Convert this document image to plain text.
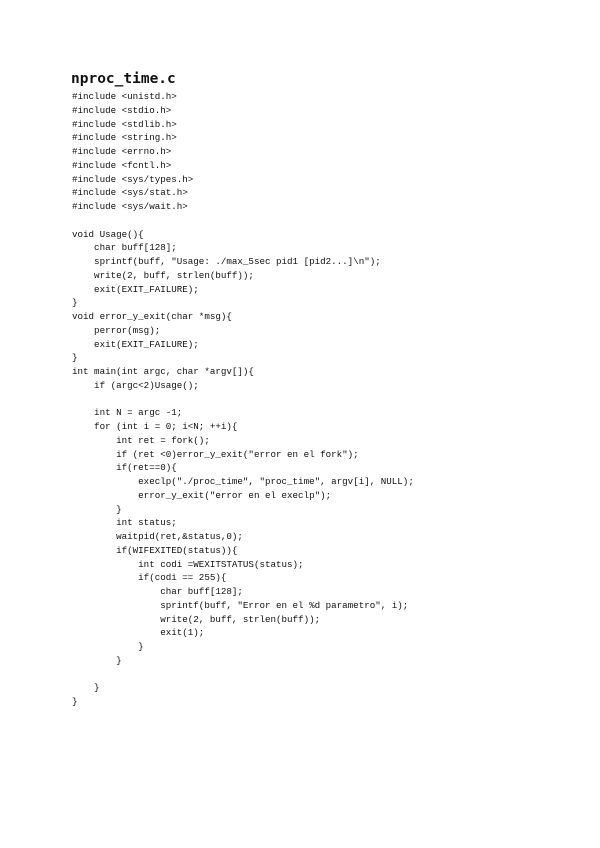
nproc_time.c
#include <unistd.h>
#include <stdio.h>
#include <stdlib.h>
#include <string.h>
#include <errno.h>
#include <fcntl.h>
#include <sys/types.h>
#include <sys/stat.h>
#include <sys/wait.h>
void Usage(){
char buff[128];
sprintf(buff, "Usage: ./max_5sec pid1 [pid2...]\n");
write(2, buff, strlen(buff));
exit(EXIT_FAILURE);
}
void error_y_exit(char *msg){
perror(msg);
exit(EXIT_FAILURE);
}
int main(int argc, char *argv[]){
if (argc<2)Usage();
int N = argc -1;
for (int i = 0; i<N; ++i){
int ret = fork();
if (ret <0)error_y_exit("error en el fork");
if(ret==0){
execlp("./proc_time", "proc_time", argv[i], NULL);
error_y_exit("error en el execlp");
}
int status;
waitpid(ret,&status,0);
if(WIFEXITED(status)){
int codi =WEXITSTATUS(status);
if(codi == 255){
char buff[128];
sprintf(buff, "Error en el %d parametro", i);
write(2, buff, strlen(buff));
exit(1);
}
}
}
}
